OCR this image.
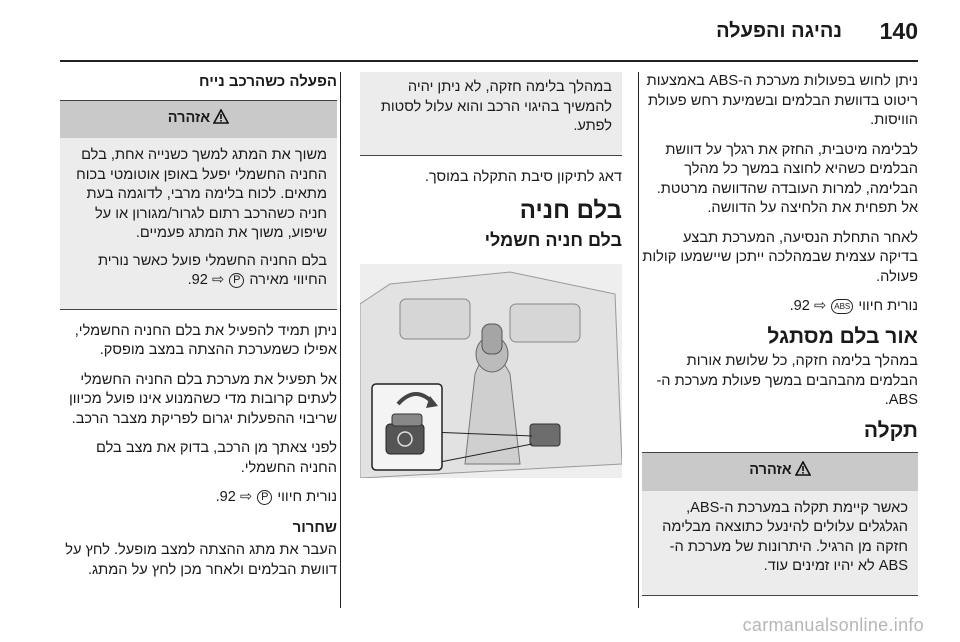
140
נהיגה והפעלה

ניתן לחוש בפעולות מערכת ה-ABS באמצעות ריטוט בדוושת הבלמים ובשמיעת רחש פעולת הוויסות.

לבלימה מיטבית, החזק את רגלך על דוושת הבלמים כשהיא לחוצה במשך כל מהלך הבלימה, למרות העובדה שהדוושה מרטטת. אל תפחית את הלחיצה על הדוושה.

לאחר התחלת הנסיעה, המערכת תבצע בדיקה עצמית שבמהלכה ייתכן שיישמעו קולות פעולה.

נורית חיווי ABS ⇨ 92.

אור בלם מסתגל

במהלך בלימה חזקה, כל שלושת אורות הבלמים מהבהבים במשך פעולת מערכת ה-ABS.

תקלה
אזהרה

כאשר קיימת תקלה במערכת ה-ABS, הגלגלים עלולים להינעל כתוצאה מבלימה חזקה מן הרגיל. היתרונות של מערכת ה-ABS לא יהיו זמינים עוד.

במהלך בלימה חזקה, לא ניתן יהיה להמשיך בהיגוי הרכב והוא עלול לסטות לפתע.

דאג לתיקון סיבת התקלה במוסך.

בלם חניה
בלם חניה חשמלי
הפעלה כשהרכב נייח
אזהרה

משוך את המתג למשך כשנייה אחת, בלם החניה החשמלי יפעל באופן אוטומטי בכוח מתאים. לכוח בלימה מרבי, לדוגמה בעת חניה כשהרכב רתום לגרור/מגורון או על שיפוע, משוך את המתג פעמיים.

בלם החניה החשמלי פועל כאשר נורית החיווי מאירה P ⇨ 92.

ניתן תמיד להפעיל את בלם החניה החשמלי, אפילו כשמערכת ההצתה במצב מופסק.

אל תפעיל את מערכת בלם החניה החשמלי לעתים קרובות מדי כשהמנוע אינו פועל מכיוון שריבוי ההפעלות יגרום לפריקת מצבר הרכב.

לפני צאתך מן הרכב, בדוק את מצב בלם החניה החשמלי.

נורית חיווי P ⇨ 92.

שחרור

העבר את מתג ההצתה למצב מופעל. לחץ על דוושת הבלמים ולאחר מכן לחץ על המתג.

carmanualsonline.info
